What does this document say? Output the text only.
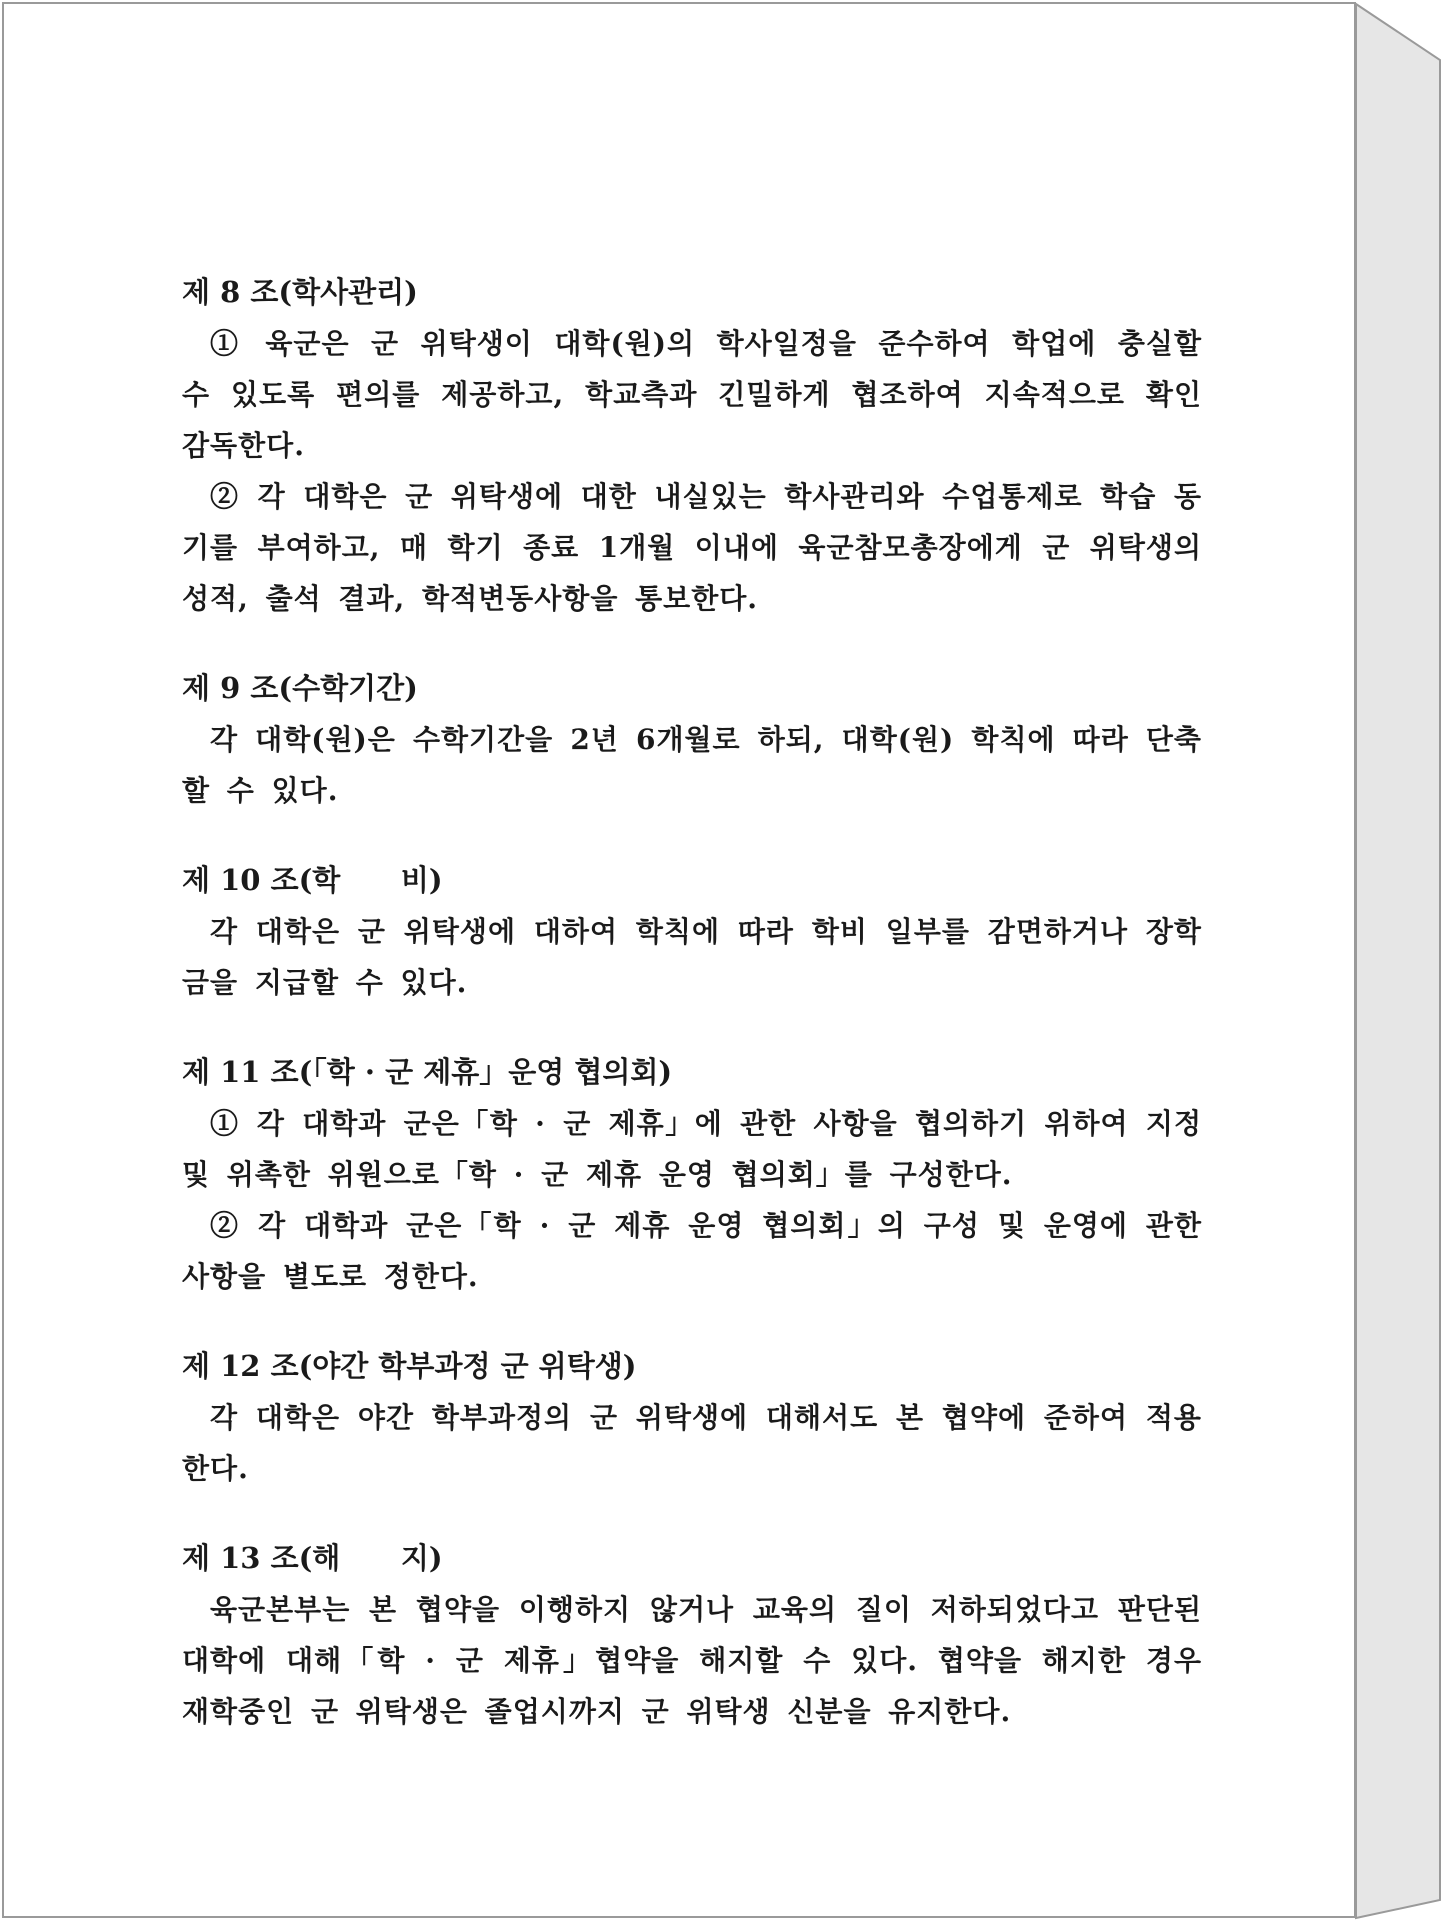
제 8 조(학사관리)

① 육군은 군 위탁생이 대학(원)의 학사일정을 준수하여 학업에 충실할 수 있도록 편의를 제공하고, 학교측과 긴밀하게 협조하여 지속적으로 확인 감독한다.

② 각 대학은 군 위탁생에 대한 내실있는 학사관리와 수업통제로 학습 동기를 부여하고, 매 학기 종료 1개월 이내에 육군참모총장에게 군 위탁생의 성적, 출석 결과, 학적변동사항을 통보한다.

제 9 조(수학기간)

각 대학(원)은 수학기간을 2년 6개월로 하되, 대학(원) 학칙에 따라 단축할 수 있다.

제 10 조(학      비)

각 대학은 군 위탁생에 대하여 학칙에 따라 학비 일부를 감면하거나 장학금을 지급할 수 있다.

제 11 조(「학 · 군 제휴」운영 협의회)

① 각 대학과 군은「학 · 군 제휴」에 관한 사항을 협의하기 위하여 지정 및 위촉한 위원으로「학 · 군 제휴 운영 협의회」를 구성한다.

② 각 대학과 군은「학 · 군 제휴 운영 협의회」의 구성 및 운영에 관한 사항을 별도로 정한다.

제 12 조(야간 학부과정 군 위탁생)

각 대학은 야간 학부과정의 군 위탁생에 대해서도 본 협약에 준하여 적용한다.

제 13 조(해      지)

육군본부는 본 협약을 이행하지 않거나 교육의 질이 저하되었다고 판단된 대학에 대해「학 · 군 제휴」협약을 해지할 수 있다. 협약을 해지한 경우 재학중인 군 위탁생은 졸업시까지 군 위탁생 신분을 유지한다.
